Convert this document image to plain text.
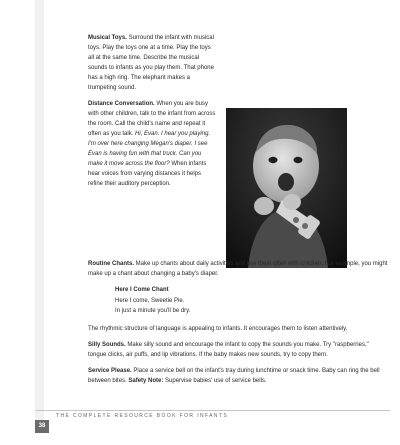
Musical Toys. Surround the infant with musical toys. Play the toys one at a time. Play the toys all at the same time. Describe the musical sounds to infants as you play them. That phone has a high ring. The elephant makes a trumpeting sound.

Distance Conversation. When you are busy with other children, talk to the infant from across the room. Call the child's name and repeat it often as you talk. Hi, Evan. I hear you playing. I'm over here changing Megan's diaper. I see Evan is having fun with that truck. Can you make it move across the floor? When infants hear voices from varying distances it helps refine their auditory perception.

Routine Chants. Make up chants about daily activities and use them often with children. For example, you might make up a chant about changing a baby's diaper.

Here I Come Chant
Here I come, Sweetie Pie.
In just a minute you'll be dry.

The rhythmic structure of language is appealing to infants. It encourages them to listen attentively.

Silly Sounds. Make silly sound and encourage the infant to copy the sounds you make. Try "raspberries," tongue clicks, air puffs, and lip vibrations. If the baby makes new sounds, try to copy them.

Service Please. Place a service bell on the infant's tray during lunchtime or snack time. Baby can ring the bell between bites. Safety Note: Supervise babies' use of service bells.

38
THE COMPLETE RESOURCE BOOK FOR INFANTS
